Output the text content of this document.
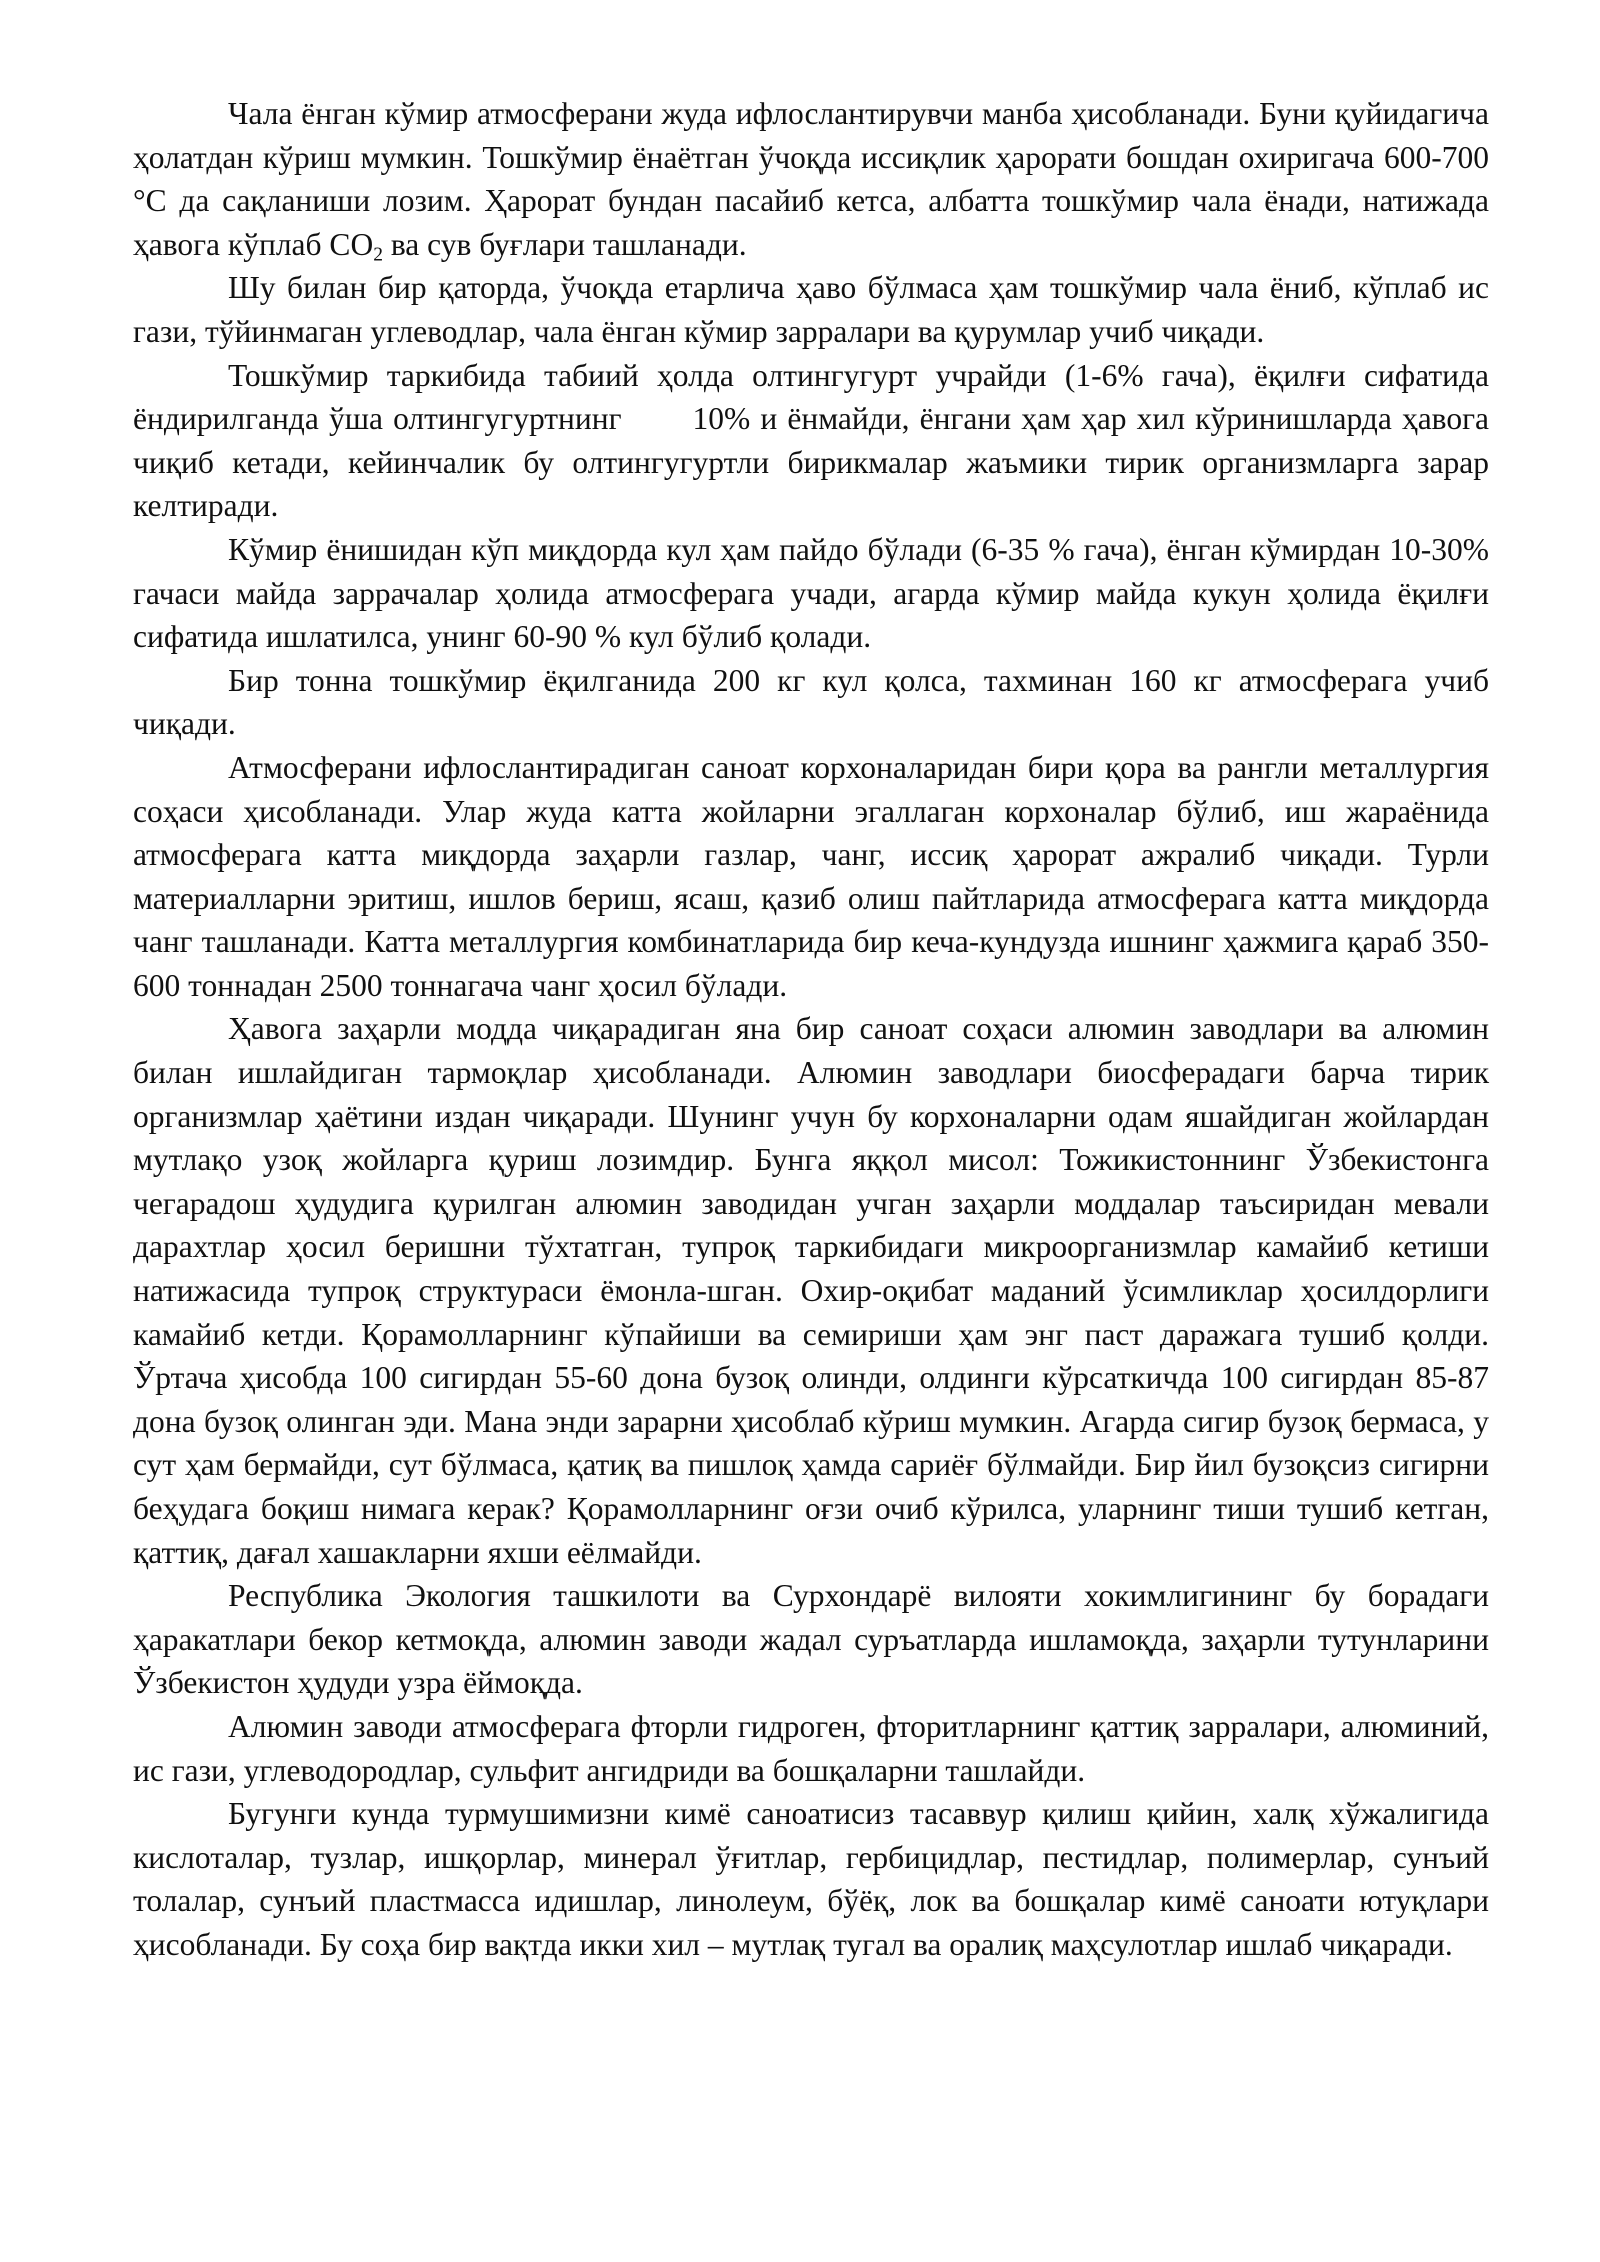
Чала ёнган кўмир атмосферани жуда ифлослантирувчи манба ҳисобланади. Буни қуйидагича ҳолатдан кўриш мумкин. Тошкўмир ёнаётган ўчоқда иссиқлик ҳарорати бошдан охиригача 600-700 °С да сақланиши лозим. Ҳарорат бундан пасайиб кетса, албатта тошкўмир чала ёнади, натижада ҳавога кўплаб $СО_2$ ва сув буғлари ташланади.

Шу билан бир қаторда, ўчоқда етарлича ҳаво бўлмаса ҳам тошкўмир чала ёниб, кўплаб ис гази, тўйинмаган углеводлар, чала ёнган кўмир зарралари ва қурумлар учиб чиқади.

Тошкўмир таркибида табиий ҳолда олтингугурт учрайди (1-6% гача), ёқилғи сифатида ёндирилганда ўша олтингугуртнинг       10% и ёнмайди, ёнгани ҳам ҳар хил кўринишларда ҳавога чиқиб кетади, кейинчалик бу олтингугуртли бирикмалар жаъмики тирик организмларга зарар келтиради.

Кўмир ёнишидан кўп миқдорда кул ҳам пайдо бўлади (6-35 % гача), ёнган кўмирдан 10-30% гачаси майда заррачалар ҳолида атмосферага учади, агарда кўмир майда кукун ҳолида ёқилғи сифатида ишлатилса, унинг 60-90 % кул бўлиб қолади.

Бир тонна тошкўмир ёқилганида 200 кг кул қолса, тахминан 160 кг атмосферага учиб чиқади.

Атмосферани ифлослантирадиган саноат корхоналаридан бири қора ва рангли металлургия соҳаси ҳисобланади. Улар жуда катта жойларни эгаллаган корхоналар бўлиб, иш жараёнида атмосферага катта миқдорда заҳарли газлар, чанг, иссиқ ҳарорат ажралиб чиқади. Турли материалларни эритиш, ишлов бериш, ясаш, қазиб олиш пайтларида атмосферага катта миқдорда чанг ташланади. Катта металлургия комбинатларида бир кеча-кундузда ишнинг ҳажмига қараб 350-600 тоннадан 2500 тоннагача чанг ҳосил бўлади.

Ҳавога заҳарли модда чиқарадиган яна бир саноат соҳаси алюмин заводлари ва алюмин билан ишлайдиган тармоқлар ҳисобланади. Алюмин заводлари биосферадаги барча тирик организмлар ҳаётини издан чиқаради. Шунинг учун бу корхоналарни одам яшайдиган жойлардан мутлақо узоқ жойларга қуриш лозимдир. Бунга яққол мисол: Тожикистоннинг Ўзбекистонга чегарадош ҳудудига қурилган алюмин заводидан учган заҳарли моддалар таъсиридан мевали дарахтлар ҳосил беришни тўхтатган, тупроқ таркибидаги микроорганизмлар камайиб кетиши натижасида тупроқ структураси ёмонла-шган. Охир-оқибат маданий ўсимликлар ҳосилдорлиги камайиб кетди. Қорамолларнинг кўпайиши ва семириши ҳам энг паст даражага тушиб қолди. Ўртача ҳисобда 100 сигирдан 55-60 дона бузоқ олинди, олдинги кўрсаткичда 100 сигирдан 85-87 дона бузоқ олинган эди. Мана энди зарарни ҳисоблаб кўриш мумкин. Агарда сигир бузоқ бермаса, у сут ҳам бермайди, сут бўлмаса, қатиқ ва пишлоқ ҳамда сариёғ бўлмайди. Бир йил бузоқсиз сигирни беҳудага боқиш нимага керак? Қорамолларнинг оғзи очиб кўрилса, уларнинг тиши тушиб кетган, қаттиқ, дағал хашакларни яхши еёлмайди.

Республика Экология ташкилоти ва Сурхондарё вилояти хокимлигининг бу борадаги ҳаракатлари бекор кетмоқда, алюмин заводи жадал суръатларда ишламоқда, заҳарли тутунларини Ўзбекистон ҳудуди узра ёймоқда.

Алюмин заводи атмосферага фторли гидроген, фторитларнинг қаттиқ зарралари, алюминий, ис гази, углеводородлар, сульфит ангидриди ва бошқаларни ташлайди.

Бугунги кунда турмушимизни кимё саноатисиз тасаввур қилиш қийин, халқ хўжалигида кислоталар, тузлар, ишқорлар, минерал ўғитлар, гербицидлар, пестидлар, полимерлар, сунъий толалар, сунъий пластмасса идишлар, линолеум, бўёқ, лок ва бошқалар кимё саноати ютуқлари ҳисобланади. Бу соҳа бир вақтда икки хил – мутлақ тугал ва оралиқ маҳсулотлар ишлаб чиқаради.
